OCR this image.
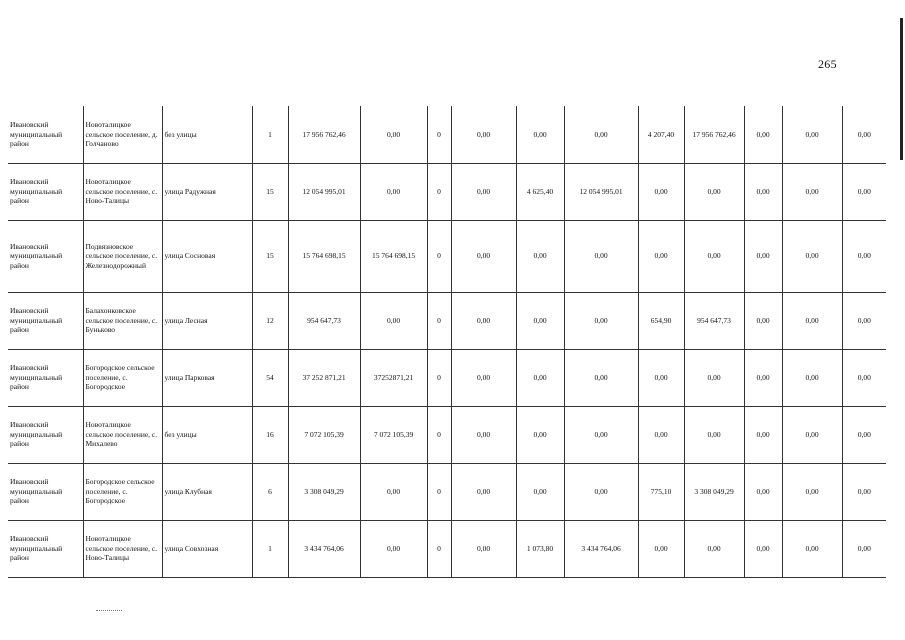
265
Ивановский муниципальный район	Новоталицкое сельское поселение, д. Голчаново	без улицы	1	17 956 762,46	0,00	0	0,00	0,00	0,00	4 207,40	17 956 762,46	0,00	0,00	0,00
Ивановский муниципальный район	Новоталицкое сельское поселение, с. Ново-Талицы	улица Радужная	15	12 054 995,01	0,00	0	0,00	4 625,40	12 054 995,01	0,00	0,00	0,00	0,00	0,00
Ивановский муниципальный район	Подвязновское сельское поселение, с. Железнодорожный	улица Сосновая	15	15 764 698,15	15 764 698,15	0	0,00	0,00	0,00	0,00	0,00	0,00	0,00	0,00
Ивановский муниципальный район	Балахонковское сельское поселение, с. Буньково	улица Лесная	12	954 647,73	0,00	0	0,00	0,00	0,00	654,90	954 647,73	0,00	0,00	0,00
Ивановский муниципальный район	Богородское сельское поселение, с. Богородское	улица Парковая	54	37 252 871,21	37252871,21	0	0,00	0,00	0,00	0,00	0,00	0,00	0,00	0,00
Ивановский муниципальный район	Новоталицкое сельское поселение, с. Михалево	без улицы	16	7 072 105,39	7 072 105,39	0	0,00	0,00	0,00	0,00	0,00	0,00	0,00	0,00
Ивановский муниципальный район	Богородское сельское поселение, с. Богородское	улица Клубная	6	3 308 049,29	0,00	0	0,00	0,00	0,00	775,10	3 308 049,29	0,00	0,00	0,00
Ивановский муниципальный район	Новоталицкое сельское поселение, с. Ново-Талицы	улица Совхозная	1	3 434 764,06	0,00	0	0,00	1 073,80	3 434 764,06	0,00	0,00	0,00	0,00	0,00
